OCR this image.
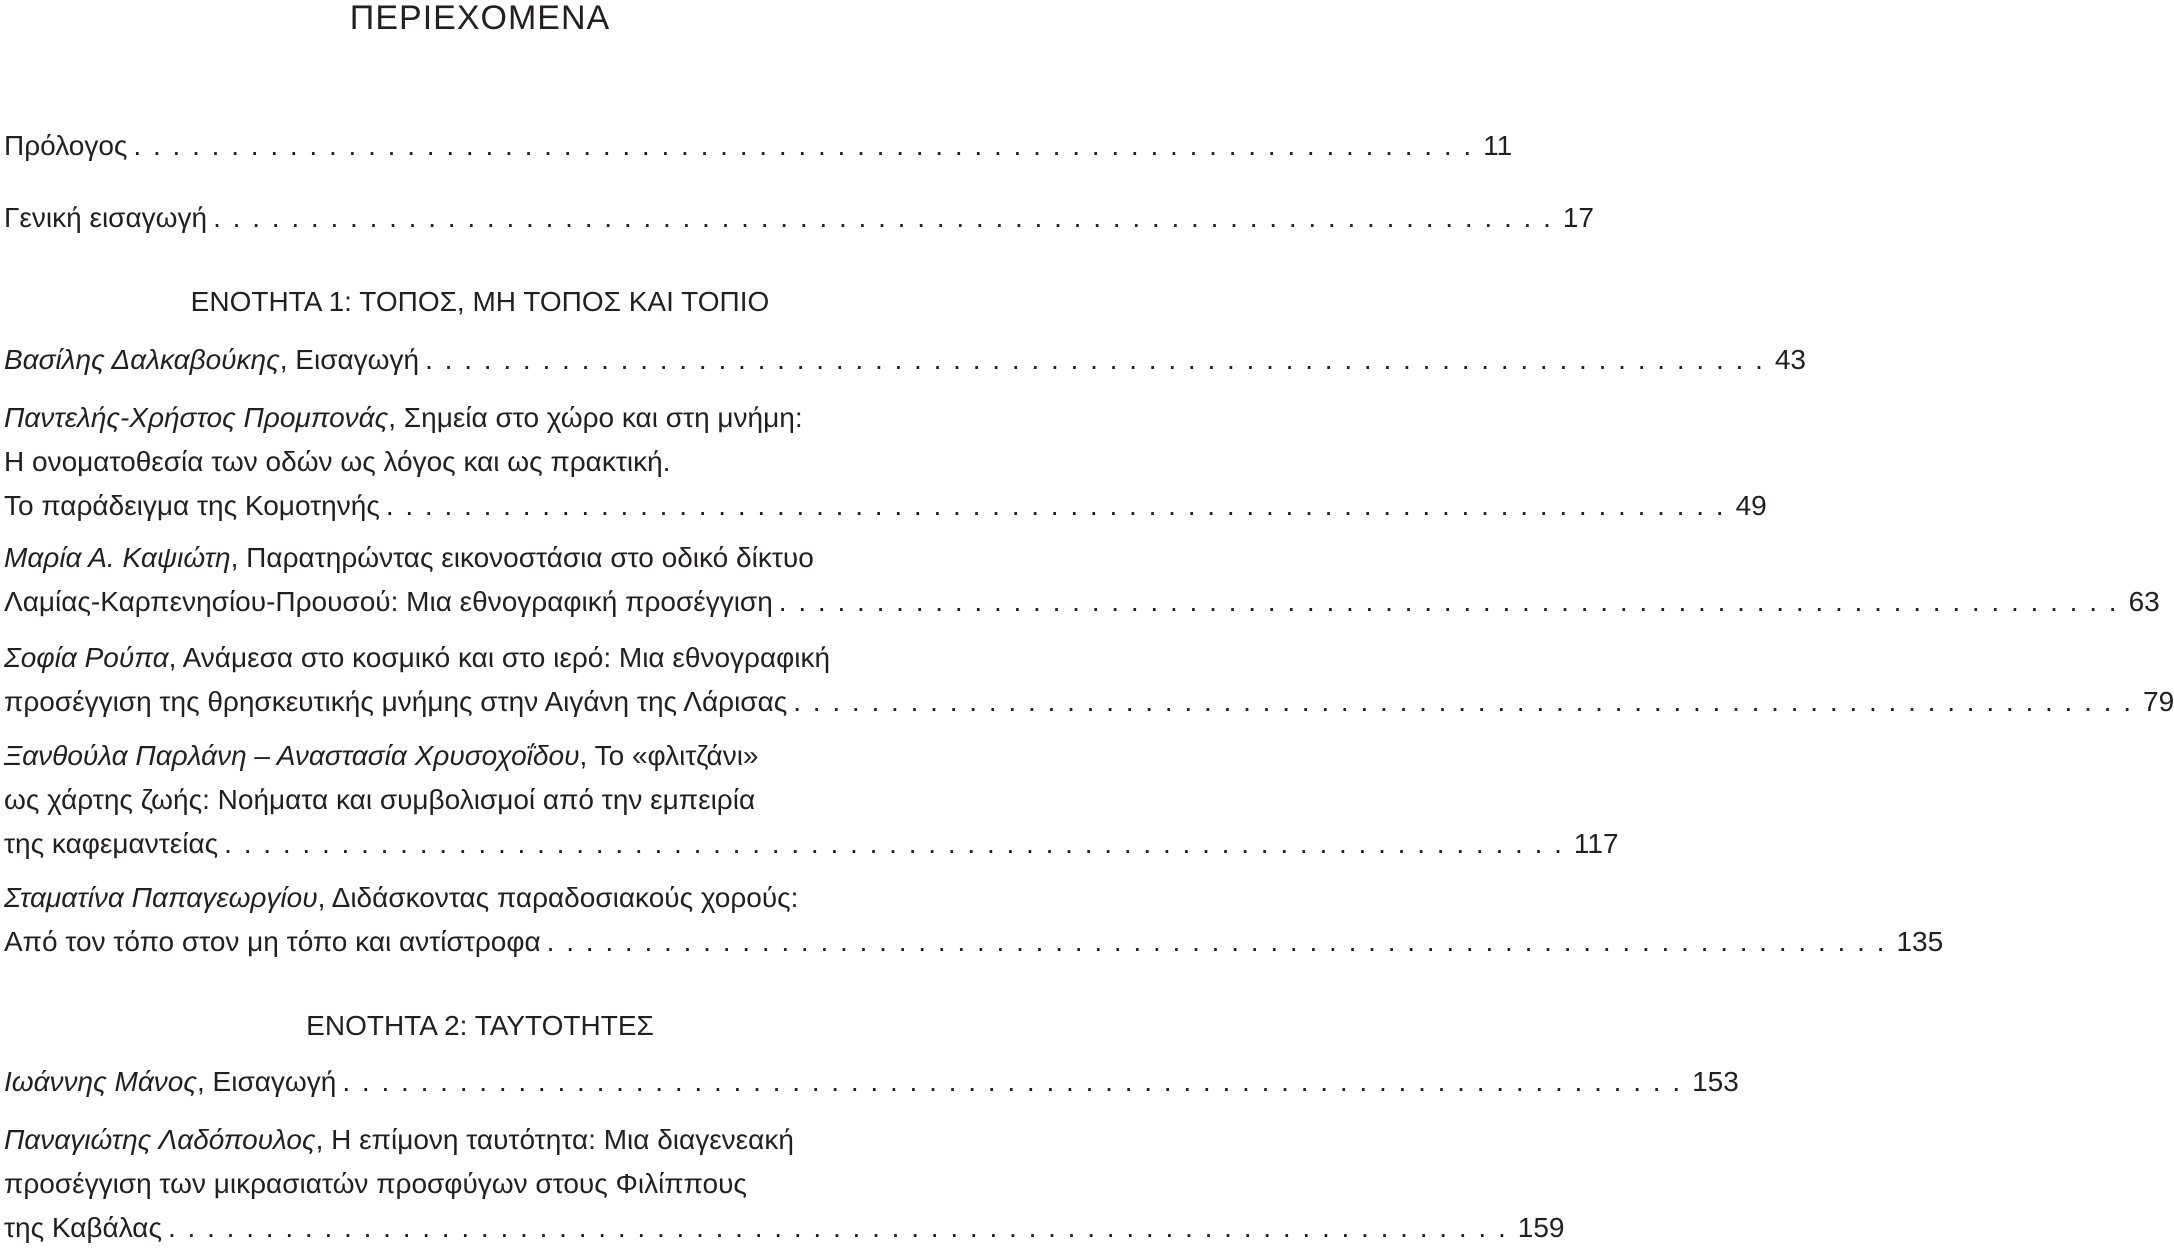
ΠΕΡΙΕΧΟΜΕΝΑ
Πρόλογος . . . . . . . . . . . . . . . . . . . . . . . . . . . . . . . . . . . . . . . . . . . . . . . . . . . . . . . . . . . . . . . . . . . . . 11
Γενική εισαγωγή . . . . . . . . . . . . . . . . . . . . . . . . . . . . . . . . . . . . . . . . . . . . . . . . . . . . . . . . . . . . . . . . . . . . . 17
ΕΝΟΤΗΤΑ 1: ΤΟΠΟΣ, ΜΗ ΤΟΠΟΣ ΚΑΙ ΤΟΠΙΟ
Βασίλης Δαλκαβούκης, Εισαγωγή . . . . . . . . . . . . . . . . . . . . . . . . . . . . . . . . . . . . . . . . . . . . . . . . . . . . . . . . . . . . . . . . . . . . . 43
Παντελής-Χρήστος Προμπονάς, Σημεία στο χώρο και στη μνήμη:
Η ονοματοθεσία των οδών ως λόγος και ως πρακτική.
Το παράδειγμα της Κομοτηνής . . . . . . . . . . . . . . . . . . . . . . . . . . . . . . . . . . . . . . . . . . . . . . . . . . . . . . . . . . . . . . . . . . . . . 49
Μαρία Α. Καψιώτη, Παρατηρώντας εικονοστάσια στο οδικό δίκτυο
Λαμίας-Καρπενησίου-Προυσού: Μια εθνογραφική προσέγγιση . . . . . . . . . . . . . . . . . . . . . . . . . . . . . . . . . . . . . . . . . . . . . . . . . . . . . . . . . . . . . . . . . . . . . 63
Σοφία Ρούπα, Ανάμεσα στο κοσμικό και στο ιερό: Μια εθνογραφική
προσέγγιση της θρησκευτικής μνήμης στην Αιγάνη της Λάρισας . . . . . . . . . . . . . . . . . . . . . . . . . . . . . . . . . . . . . . . . . . . . . . . . . . . . . . . . . . . . . . . . . . . . . 79
Ξανθούλα Παρλάνη – Αναστασία Χρυσοχοΐδου, Το «φλιτζάνι»
ως χάρτης ζωής: Νοήματα και συμβολισμοί από την εμπειρία
της καφεμαντείας . . . . . . . . . . . . . . . . . . . . . . . . . . . . . . . . . . . . . . . . . . . . . . . . . . . . . . . . . . . . . . . . . . . . . 117
Σταματίνα Παπαγεωργίου, Διδάσκοντας παραδοσιακούς χορούς:
Από τον τόπο στον μη τόπο και αντίστροφα . . . . . . . . . . . . . . . . . . . . . . . . . . . . . . . . . . . . . . . . . . . . . . . . . . . . . . . . . . . . . . . . . . . . . 135
ΕΝΟΤΗΤΑ 2: ΤΑΥΤΟΤΗΤΕΣ
Ιωάννης Μάνος, Εισαγωγή . . . . . . . . . . . . . . . . . . . . . . . . . . . . . . . . . . . . . . . . . . . . . . . . . . . . . . . . . . . . . . . . . . . . . 153
Παναγιώτης Λαδόπουλος, Η επίμονη ταυτότητα: Μια διαγενεακή
προσέγγιση των μικρασιατών προσφύγων στους Φιλίππους
της Καβάλας . . . . . . . . . . . . . . . . . . . . . . . . . . . . . . . . . . . . . . . . . . . . . . . . . . . . . . . . . . . . . . . . . . . . . 159
